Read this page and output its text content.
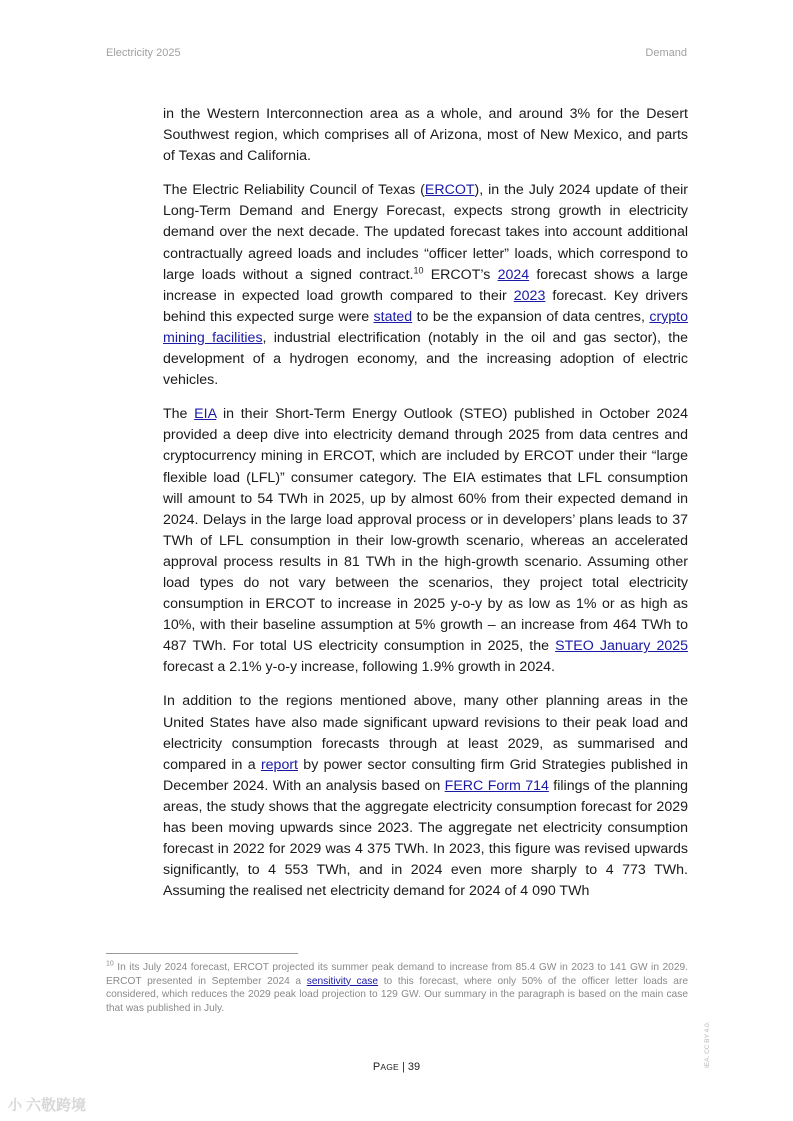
Electricity 2025	Demand

in the Western Interconnection area as a whole, and around 3% for the Desert Southwest region, which comprises all of Arizona, most of New Mexico, and parts of Texas and California.

The Electric Reliability Council of Texas (ERCOT), in the July 2024 update of their Long-Term Demand and Energy Forecast, expects strong growth in electricity demand over the next decade. The updated forecast takes into account additional contractually agreed loads and includes “officer letter” loads, which correspond to large loads without a signed contract.$^{10}$ ERCOT’s 2024 forecast shows a large increase in expected load growth compared to their 2023 forecast. Key drivers behind this expected surge were stated to be the expansion of data centres, crypto mining facilities, industrial electrification (notably in the oil and gas sector), the development of a hydrogen economy, and the increasing adoption of electric vehicles.

The EIA in their Short-Term Energy Outlook (STEO) published in October 2024 provided a deep dive into electricity demand through 2025 from data centres and cryptocurrency mining in ERCOT, which are included by ERCOT under their “large flexible load (LFL)” consumer category. The EIA estimates that LFL consumption will amount to 54 TWh in 2025, up by almost 60% from their expected demand in 2024. Delays in the large load approval process or in developers’ plans leads to 37 TWh of LFL consumption in their low-growth scenario, whereas an accelerated approval process results in 81 TWh in the high-growth scenario. Assuming other load types do not vary between the scenarios, they project total electricity consumption in ERCOT to increase in 2025 y-o-y by as low as 1% or as high as 10%, with their baseline assumption at 5% growth – an increase from 464 TWh to 487 TWh. For total US electricity consumption in 2025, the STEO January 2025 forecast a 2.1% y-o-y increase, following 1.9% growth in 2024.

In addition to the regions mentioned above, many other planning areas in the United States have also made significant upward revisions to their peak load and electricity consumption forecasts through at least 2029, as summarised and compared in a report by power sector consulting firm Grid Strategies published in December 2024. With an analysis based on FERC Form 714 filings of the planning areas, the study shows that the aggregate electricity consumption forecast for 2029 has been moving upwards since 2023. The aggregate net electricity consumption forecast in 2022 for 2029 was 4 375 TWh. In 2023, this figure was revised upwards significantly, to 4 553 TWh, and in 2024 even more sharply to 4 773 TWh. Assuming the realised net electricity demand for 2024 of 4 090 TWh

$^{10}$ In its July 2024 forecast, ERCOT projected its summer peak demand to increase from 85.4 GW in 2023 to 141 GW in 2029. ERCOT presented in September 2024 a sensitivity case to this forecast, where only 50% of the officer letter loads are considered, which reduces the 2029 peak load projection to 129 GW. Our summary in the paragraph is based on the main case that was published in July.
PAGE | 39	IEA. CC BY 4.0.
小 六敬跨境
